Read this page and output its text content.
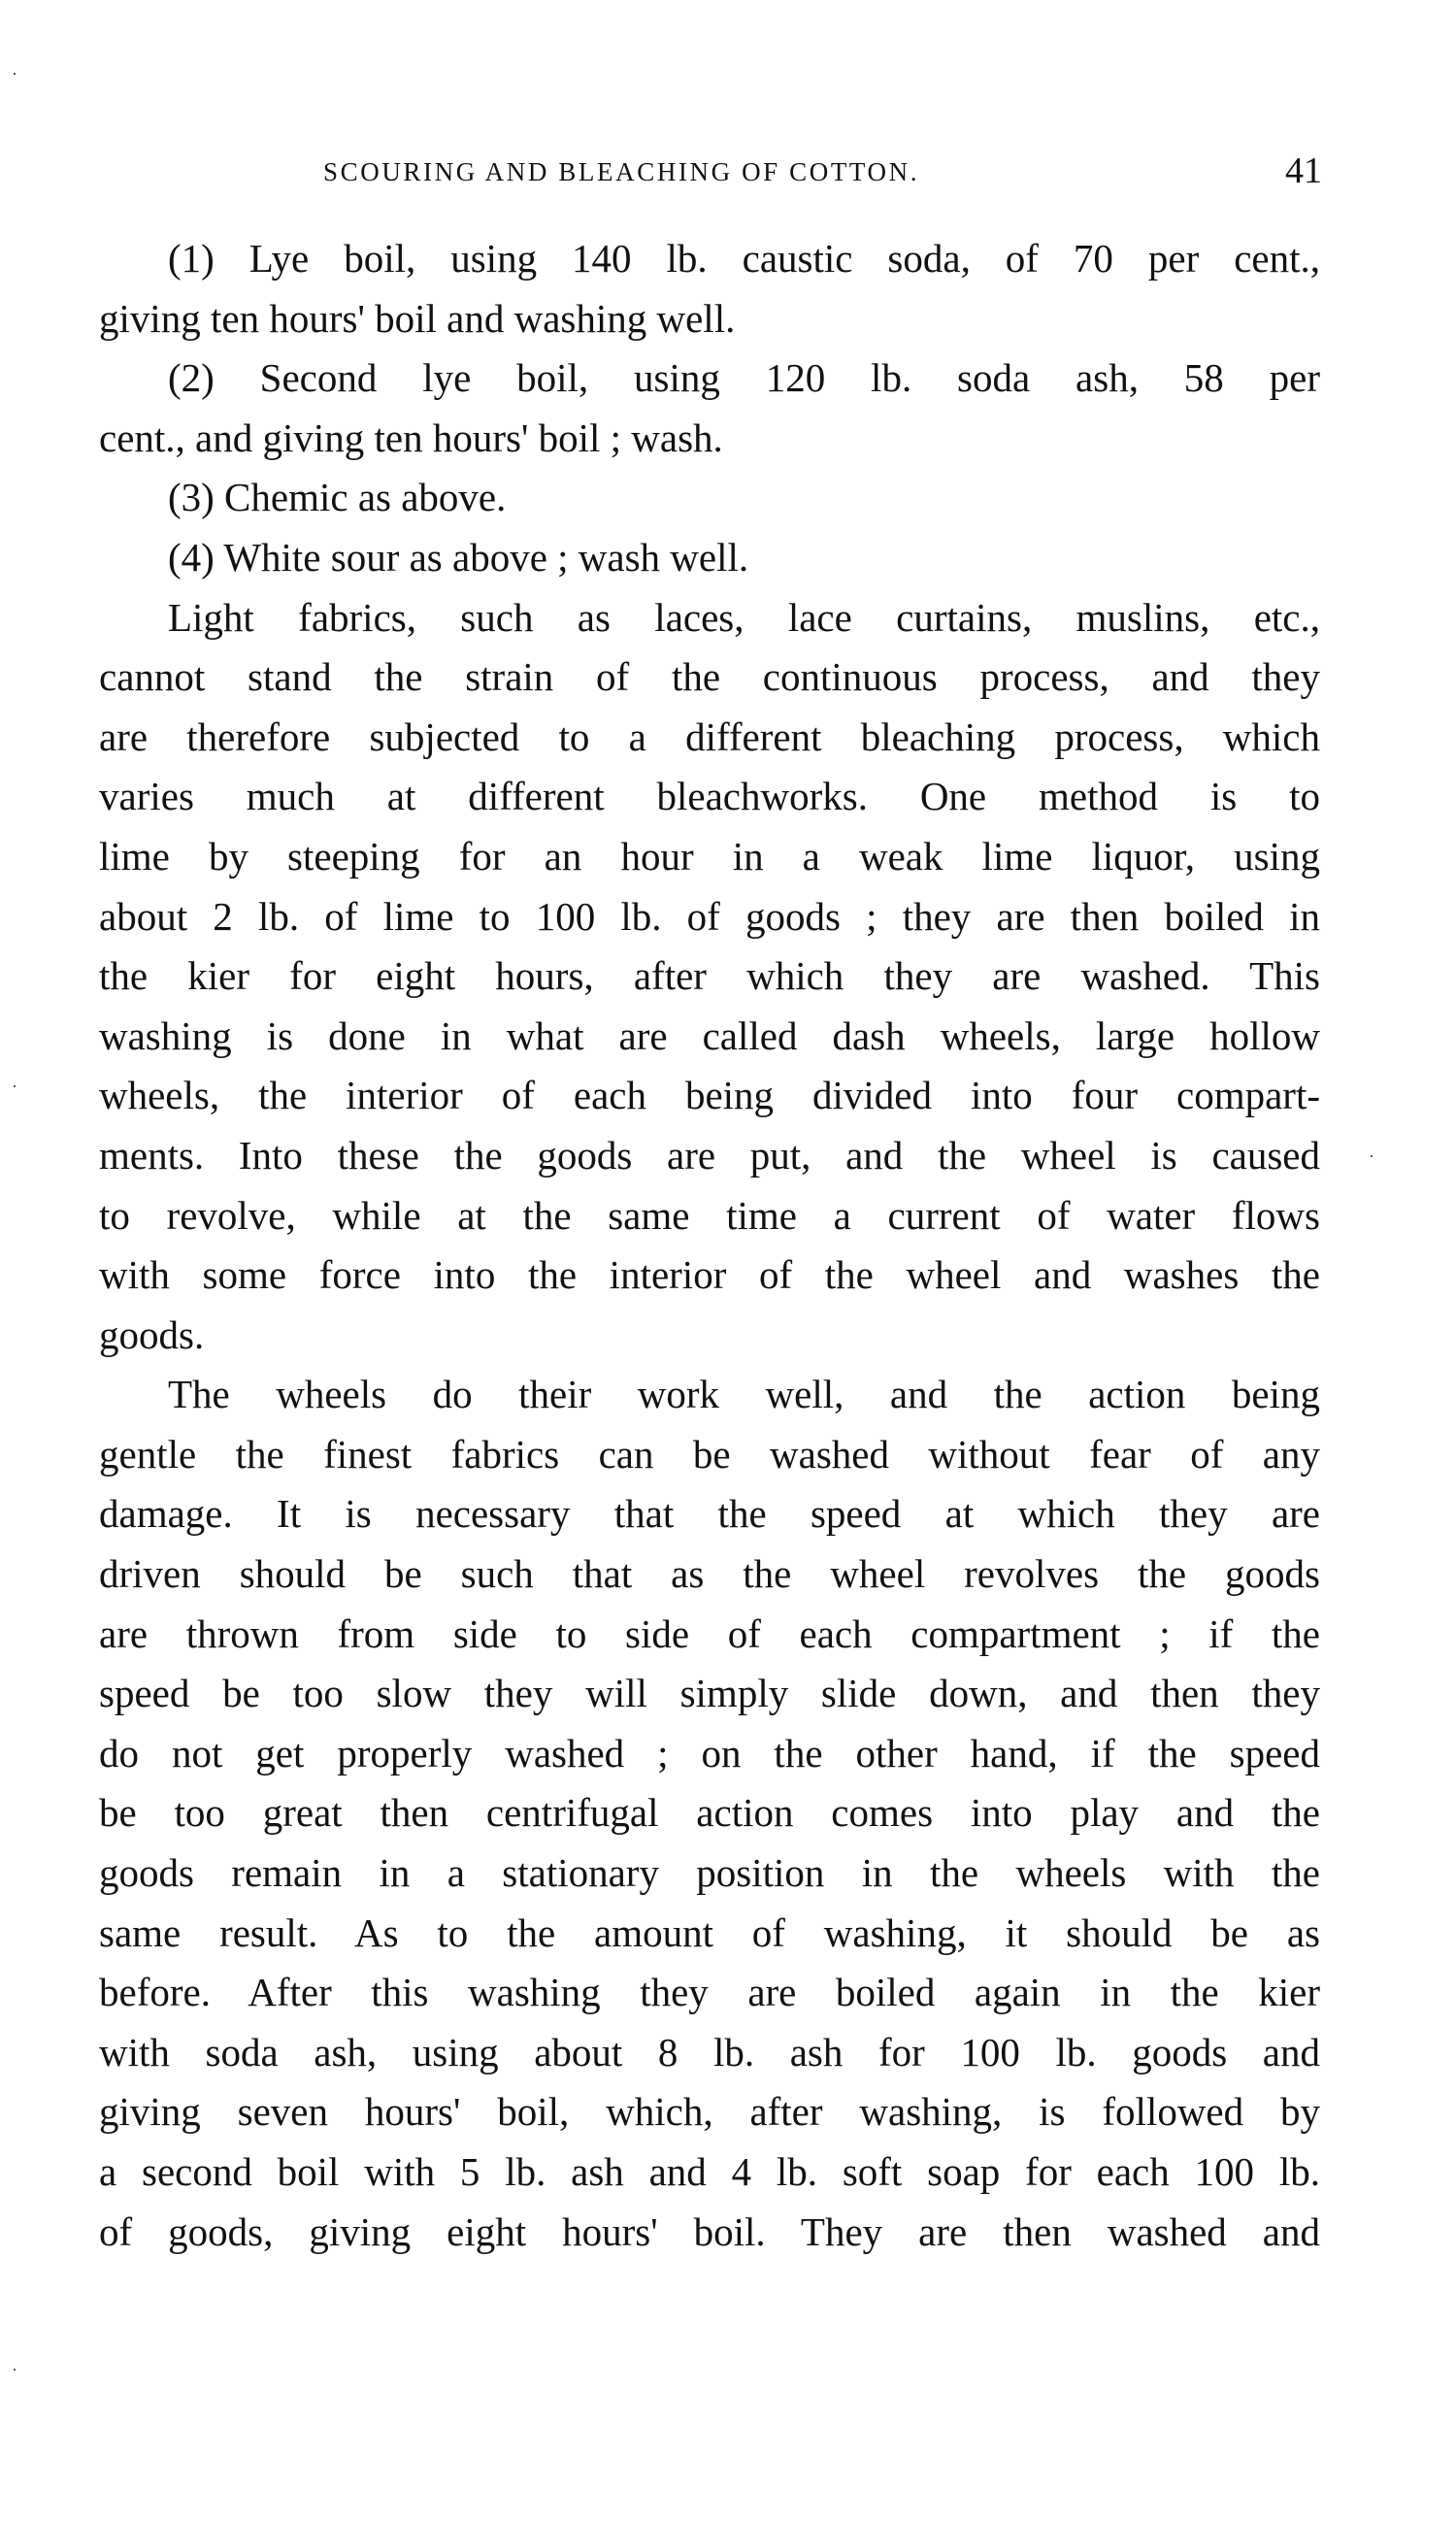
SCOURING AND BLEACHING OF COTTON.	41
(1) Lye boil, using 140 lb. caustic soda, of 70 per cent.,
giving ten hours' boil and washing well.
(2) Second lye boil, using 120 lb. soda ash, 58 per
cent., and giving ten hours' boil ; wash.
(3) Chemic as above.
(4) White sour as above ; wash well.
Light fabrics, such as laces, lace curtains, muslins, etc.,
cannot stand the strain of the continuous process, and they
are therefore subjected to a different bleaching process, which
varies much at different bleachworks. One method is to
lime by steeping for an hour in a weak lime liquor, using
about 2 lb. of lime to 100 lb. of goods ; they are then boiled in
the kier for eight hours, after which they are washed. This
washing is done in what are called dash wheels, large hollow
wheels, the interior of each being divided into four compart-
ments. Into these the goods are put, and the wheel is caused
to revolve, while at the same time a current of water flows
with some force into the interior of the wheel and washes the
goods.
The wheels do their work well, and the action being
gentle the finest fabrics can be washed without fear of any
damage. It is necessary that the speed at which they are
driven should be such that as the wheel revolves the goods
are thrown from side to side of each compartment ; if the
speed be too slow they will simply slide down, and then they
do not get properly washed ; on the other hand, if the speed
be too great then centrifugal action comes into play and the
goods remain in a stationary position in the wheels with the
same result. As to the amount of washing, it should be as
before. After this washing they are boiled again in the kier
with soda ash, using about 8 lb. ash for 100 lb. goods and
giving seven hours' boil, which, after washing, is followed by
a second boil with 5 lb. ash and 4 lb. soft soap for each 100 lb.
of goods, giving eight hours' boil. They are then washed and
